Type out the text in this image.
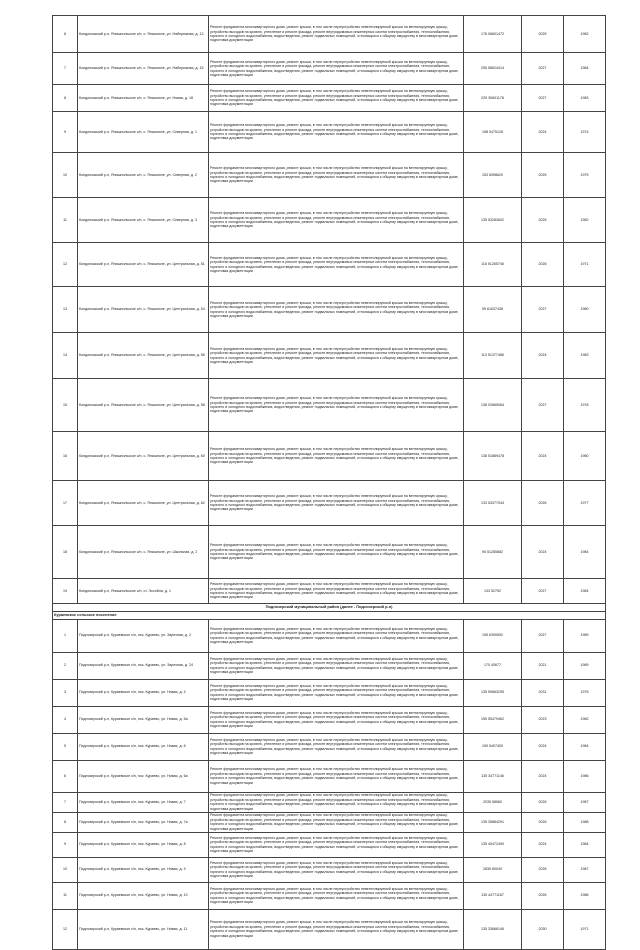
6	Кондопожский р-н, Янишпольское с/п, с. Янишполе, ул. Набережная, д. 13	Ремонт фундамента многоквартирного дома, ремонт крыши, в том числе переустройство невентилируемой крыши на вентилируемую крышу, устройство выходов на кровлю, утепление и ремонт фасада, ремонт внутридомовых инженерных систем электроснабжения, теплоснабжения, горячего и холодного водоснабжения, водоотведения, ремонт подвальных помещений, относящихся к общему имуществу в многоквартирном доме, подготовка документации	176 06601472	2025	1982
7	Кондопожский р-н, Янишпольское с/п, с. Янишполе, ул. Набережная, д. 15	Ремонт фундамента многоквартирного дома, ремонт крыши, в том числе переустройство невентилируемой крыши на вентилируемую крышу, устройство выходов на кровлю, утепление и ремонт фасада, ремонт внутридомовых инженерных систем электроснабжения, теплоснабжения, горячего и холодного водоснабжения, водоотведения, ремонт подвальных помещений, относящихся к общему имуществу в многоквартирном доме, подготовка документации	255 56624414	2027	1984
8	Кондопожский р-н, Янишпольское с/п, с. Янишполе, ул. Новая, д. 18	Ремонт фундамента многоквартирного дома, ремонт крыши, в том числе переустройство невентилируемой крыши на вентилируемую крышу, устройство выходов на кровлю, утепление и ремонт фасада, ремонт внутридомовых инженерных систем электроснабжения, теплоснабжения, горячего и холодного водоснабжения, водоотведения, ремонт подвальных помещений, относящихся к общему имуществу в многоквартирном доме, подготовка документации	225 30601178	2027	1983
9	Кондопожский р-н, Янишпольское с/п, с. Янишполе, ул. Северная, д. 1	Ремонт фундамента многоквартирного дома, ремонт крыши, в том числе переустройство невентилируемой крыши на вентилируемую крышу, устройство выходов на кровлю, утепление и ремонт фасада, ремонт внутридомовых инженерных систем электроснабжения, теплоснабжения, горячего и холодного водоснабжения, водоотведения, ремонт подвальных помещений, относящихся к общему имуществу в многоквартирном доме, подготовка документации	158 5475128	2024	1974
10	Кондопожский р-н, Янишпольское с/п, с. Янишполе, ул. Северная, д. 2	Ремонт фундамента многоквартирного дома, ремонт крыши, в том числе переустройство невентилируемой крыши на вентилируемую крышу, устройство выходов на кровлю, утепление и ремонт фасада, ремонт внутридомовых инженерных систем электроснабжения, теплоснабжения, горячего и холодного водоснабжения, водоотведения, ремонт подвальных помещений, относящихся к общему имуществу в многоквартирном доме, подготовка документации	153 8398620	2025	1975
11	Кондопожский р-н, Янишпольское с/п, с. Янишполе, ул. Северная, д. 3	Ремонт фундамента многоквартирного дома, ремонт крыши, в том числе переустройство невентилируемой крыши на вентилируемую крышу, устройство выходов на кровлю, утепление и ремонт фасада, ремонт внутридомовых инженерных систем электроснабжения, теплоснабжения, горячего и холодного водоснабжения, водоотведения, ремонт подвальных помещений, относящихся к общему имуществу в многоквартирном доме, подготовка документации	135 53283602	2026	1982
12	Кондопожский р-н, Янишпольское с/п, с. Янишполе, ул. Центральная, д. 51	Ремонт фундамента многоквартирного дома, ремонт крыши, в том числе переустройство невентилируемой крыши на вентилируемую крышу, устройство выходов на кровлю, утепление и ремонт фасада, ремонт внутридомовых инженерных систем электроснабжения, теплоснабжения, горячего и холодного водоснабжения, водоотведения, ремонт подвальных помещений, относящихся к общему имуществу в многоквартирном доме, подготовка документации	116 51265746	2026	1971
13	Кондопожский р-н, Янишпольское с/п, с. Янишполе, ул. Центральная, д. 54	Ремонт фундамента многоквартирного дома, ремонт крыши, в том числе переустройство невентилируемой крыши на вентилируемую крышу, устройство выходов на кровлю, утепление и ремонт фасада, ремонт внутридомовых инженерных систем электроснабжения, теплоснабжения, горячего и холодного водоснабжения, водоотведения, ремонт подвальных помещений, относящихся к общему имуществу в многоквартирном доме, подготовка документации	95 61637438	2027	1980
14	Кондопожский р-н, Янишпольское с/п, с. Янишполе, ул. Центральная, д. 56	Ремонт фундамента многоквартирного дома, ремонт крыши, в том числе переустройство невентилируемой крыши на вентилируемую крышу, устройство выходов на кровлю, утепление и ремонт фасада, ремонт внутридомовых инженерных систем электроснабжения, теплоснабжения, горячего и холодного водоснабжения, водоотведения, ремонт подвальных помещений, относящихся к общему имуществу в многоквартирном доме, подготовка документации	113 51377486	2024	1983
15	Кондопожский р-н, Янишпольское с/п, с. Янишполе, ул. Центральная, д. 58	Ремонт фундамента многоквартирного дома, ремонт крыши, в том числе переустройство невентилируемой крыши на вентилируемую крышу, устройство выходов на кровлю, утепление и ремонт фасада, ремонт внутридомовых инженерных систем электроснабжения, теплоснабжения, горячего и холодного водоснабжения, водоотведения, ремонт подвальных помещений, относящихся к общему имуществу в многоквартирном доме, подготовка документации	138 02665084	2027	1978
16	Кондопожский р-н, Янишпольское с/п, с. Янишполе, ул. Центральная, д. 60	Ремонт фундамента многоквартирного дома, ремонт крыши, в том числе переустройство невентилируемой крыши на вентилируемую крышу, устройство выходов на кровлю, утепление и ремонт фасада, ремонт внутридомовых инженерных систем электроснабжения, теплоснабжения, горячего и холодного водоснабжения, водоотведения, ремонт подвальных помещений, относящихся к общему имуществу в многоквартирном доме, подготовка документации	138 51889478	2024	1980
17	Кондопожский р-н, Янишпольское с/п, с. Янишполе, ул. Центральная, д. 62	Ремонт фундамента многоквартирного дома, ремонт крыши, в том числе переустройство невентилируемой крыши на вентилируемую крышу, устройство выходов на кровлю, утепление и ремонт фасада, ремонт внутридомовых инженерных систем электроснабжения, теплоснабжения, горячего и холодного водоснабжения, водоотведения, ремонт подвальных помещений, относящихся к общему имуществу в многоквартирном доме, подготовка документации	133 53377044	2026	1977
18	Кондопожский р-н, Янишпольское с/п, с. Янишполе, ул. Школьная, д. 2	Ремонт фундамента многоквартирного дома, ремонт крыши, в том числе переустройство невентилируемой крыши на вентилируемую крышу, устройство выходов на кровлю, утепление и ремонт фасада, ремонт внутридомовых инженерных систем электроснабжения, теплоснабжения, горячего и холодного водоснабжения, водоотведения, ремонт подвальных помещений, относящихся к общему имуществу в многоквартирном доме, подготовка документации	95 51285882	2024	1984
19	Кондопожский р-н, Янишпольское с/п, ст. Эссойла, д. 1	Ремонт фундамента многоквартирного дома, ремонт крыши, в том числе переустройство невентилируемой крыши на вентилируемую крышу, устройство выходов на кровлю, утепление и ремонт фасада, ремонт внутридомовых инженерных систем электроснабжения, теплоснабжения, горячего и холодного водоснабжения, водоотведения, ремонт подвальных помещений, относящихся к общему имуществу в многоквартирном доме, подготовка документации	133 52752	2027	1984
Пидлозерский муниципальный район (далее - Пидлозерский р-н)					
Кураевское сельское поселение					
1	Пидлозерский р-н, Кураевское с/п, пос. Кураево, ул. Заречная, д. 2	Ремонт фундамента многоквартирного дома, ремонт крыши, в том числе переустройство невентилируемой крыши на вентилируемую крышу, устройство выходов на кровлю, утепление и ремонт фасада, ремонт внутридомовых инженерных систем электроснабжения, теплоснабжения, горячего и холодного водоснабжения, водоотведения, ремонт подвальных помещений, относящихся к общему имуществу в многоквартирном доме, подготовка документации	155 6390592	2027	1989
2	Пидлозерский р-н, Кураевское с/п, пос. Кураево, ул. Заречная, д. 24	Ремонт фундамента многоквартирного дома, ремонт крыши, в том числе переустройство невентилируемой крыши на вентилируемую крышу, устройство выходов на кровлю, утепление и ремонт фасада, ремонт внутридомовых инженерных систем электроснабжения, теплоснабжения, горячего и холодного водоснабжения, водоотведения, ремонт подвальных помещений, относящихся к общему имуществу в многоквартирном доме, подготовка документации	170 40677	2021	1989
3	Пидлозерский р-н, Кураевское с/п, пос. Кураево, ул. Новая, д. 4	Ремонт фундамента многоквартирного дома, ремонт крыши, в том числе переустройство невентилируемой крыши на вентилируемую крышу, устройство выходов на кровлю, утепление и ремонт фасада, ремонт внутридомовых инженерных систем электроснабжения, теплоснабжения, горячего и холодного водоснабжения, водоотведения, ремонт подвальных помещений, относящихся к общему имуществу в многоквартирном доме, подготовка документации	135 59663295	2031	1976
4	Пидлозерский р-н, Кураевское с/п, пос. Кураево, ул. Новая, д. 5а	Ремонт фундамента многоквартирного дома, ремонт крыши, в том числе переустройство невентилируемой крыши на вентилируемую крышу, устройство выходов на кровлю, утепление и ремонт фасада, ремонт внутридомовых инженерных систем электроснабжения, теплоснабжения, горячего и холодного водоснабжения, водоотведения, ремонт подвальных помещений, относящихся к общему имуществу в многоквартирном доме, подготовка документации	155 55479462	2023	1982
5	Пидлозерский р-н, Кураевское с/п, пос. Кураево, ул. Новая, д. 6	Ремонт фундамента многоквартирного дома, ремонт крыши, в том числе переустройство невентилируемой крыши на вентилируемую крышу, устройство выходов на кровлю, утепление и ремонт фасада, ремонт внутридомовых инженерных систем электроснабжения, теплоснабжения, горячего и холодного водоснабжения, водоотведения, ремонт подвальных помещений, относящихся к общему имуществу в многоквартирном доме, подготовка документации	159 5407400	2024	1984
6	Пидлозерский р-н, Кураевское с/п, пос. Кураево, ул. Новая, д. 6а	Ремонт фундамента многоквартирного дома, ремонт крыши, в том числе переустройство невентилируемой крыши на вентилируемую крышу, устройство выходов на кровлю, утепление и ремонт фасада, ремонт внутридомовых инженерных систем электроснабжения, теплоснабжения, горячего и холодного водоснабжения, водоотведения, ремонт подвальных помещений, относящихся к общему имуществу в многоквартирном доме, подготовка документации	135 34771146	2024	1986
7	Пидлозерский р-н, Кураевское с/п, пос. Кураево, ул. Новая, д. 7	Ремонт фундамента многоквартирного дома, ремонт крыши, в том числе переустройство невентилируемой крыши на вентилируемую крышу, устройство выходов на кровлю, утепление и ремонт фасада, ремонт внутридомовых инженерных систем электроснабжения, теплоснабжения, горячего и холодного водоснабжения, водоотведения, ремонт подвальных помещений, относящихся к общему имуществу в многоквартирном доме, подготовка документации	2035 58560	2026	1987
8	Пидлозерский р-н, Кураевское с/п, пос. Кураево, ул. Новая, д. 7а	Ремонт фундамента многоквартирного дома, ремонт крыши, в том числе переустройство невентилируемой крыши на вентилируемую крышу, устройство выходов на кровлю, утепление и ремонт фасада, ремонт внутридомовых инженерных систем электроснабжения, теплоснабжения, горячего и холодного водоснабжения, водоотведения, ремонт подвальных помещений, относящихся к общему имуществу в многоквартирном доме, подготовка документации	135 35884291	2026	1988
9	Пидлозерский р-н, Кураевское с/п, пос. Кураево, ул. Новая, д. 8	Ремонт фундамента многоквартирного дома, ремонт крыши, в том числе переустройство невентилируемой крыши на вентилируемую крышу, устройство выходов на кровлю, утепление и ремонт фасада, ремонт внутридомовых инженерных систем электроснабжения, теплоснабжения, горячего и холодного водоснабжения, водоотведения, ремонт подвальных помещений, относящихся к общему имуществу в многоквартирном доме, подготовка документации	135 40472490	2024	1984
10	Пидлозерский р-н, Кураевское с/п, пос. Кураево, ул. Новая, д. 9	Ремонт фундамента многоквартирного дома, ремонт крыши, в том числе переустройство невентилируемой крыши на вентилируемую крышу, устройство выходов на кровлю, утепление и ремонт фасада, ремонт внутридомовых инженерных систем электроснабжения, теплоснабжения, горячего и холодного водоснабжения, водоотведения, ремонт подвальных помещений, относящихся к общему имуществу в многоквартирном доме, подготовка документации	2835 60049	2026	1987
11	Пидлозерский р-н, Кураевское с/п, пос. Кураево, ул. Новая, д. 10	Ремонт фундамента многоквартирного дома, ремонт крыши, в том числе переустройство невентилируемой крыши на вентилируемую крышу, устройство выходов на кровлю, утепление и ремонт фасада, ремонт внутридомовых инженерных систем электроснабжения, теплоснабжения, горячего и холодного водоснабжения, водоотведения, ремонт подвальных помещений, относящихся к общему имуществу в многоквартирном доме, подготовка документации	135 44771167	2026	1986
12	Пидлозерский р-н, Кураевское с/п, пос. Кураево, ул. Новая, д. 11	Ремонт фундамента многоквартирного дома, ремонт крыши, в том числе переустройство невентилируемой крыши на вентилируемую крышу, устройство выходов на кровлю, утепление и ремонт фасада, ремонт внутридомовых инженерных систем электроснабжения, теплоснабжения, горячего и холодного водоснабжения, водоотведения, ремонт подвальных помещений, относящихся к общему имуществу в многоквартирном доме, подготовка документации	135 33666146	2030	1971
